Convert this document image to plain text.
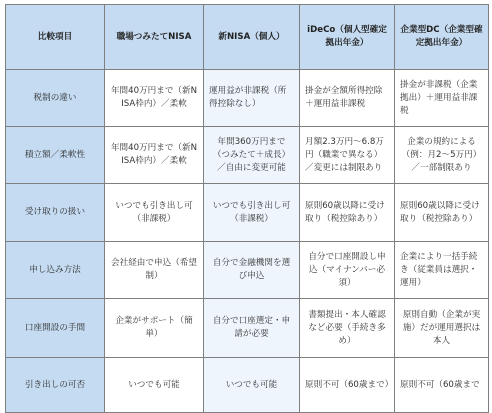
比較項目	職場つみたてNISA	新NISA（個人）	iDeCo（個人型確定拠出年金）	企業型DC（企業型確定拠出年金）
税制の違い	年間40万円まで（新NISA枠内）／柔軟	運用益が非課税（所得控除なし）	掛金が全額所得控除＋運用益非課税	掛金が非課税（企業拠出）＋運用益非課税
積立額／柔軟性	年間40万円まで（新NISA枠内）／柔軟	年間360万円まで（つみたて＋成長）／自由に変更可能	月額2.3万円〜6.8万円（職業で異なる）／変更には制限あり	企業の規約による（例：月2〜5万円）／一部制限あり
受け取りの扱い	いつでも引き出し可（非課税）	いつでも引き出し可（非課税）	原則60歳以降に受け取り（税控除あり）	原則60歳以降に受け取り（税控除あり）
申し込み方法	会社経由で申込（希望制）	自分で金融機関を選び申込	自分で口座開設し申込（マイナンバー必須）	企業により一括手続き（従業員は選択・運用）
口座開設の手間	企業がサポート（簡単）	自分で口座選定・申請が必要	書類提出・本人確認など必要（手続き多め）	原則自動（企業が実施）だが運用選択は本人
引き出しの可否	いつでも可能	いつでも可能	原則不可（60歳まで）	原則不可（60歳まで
